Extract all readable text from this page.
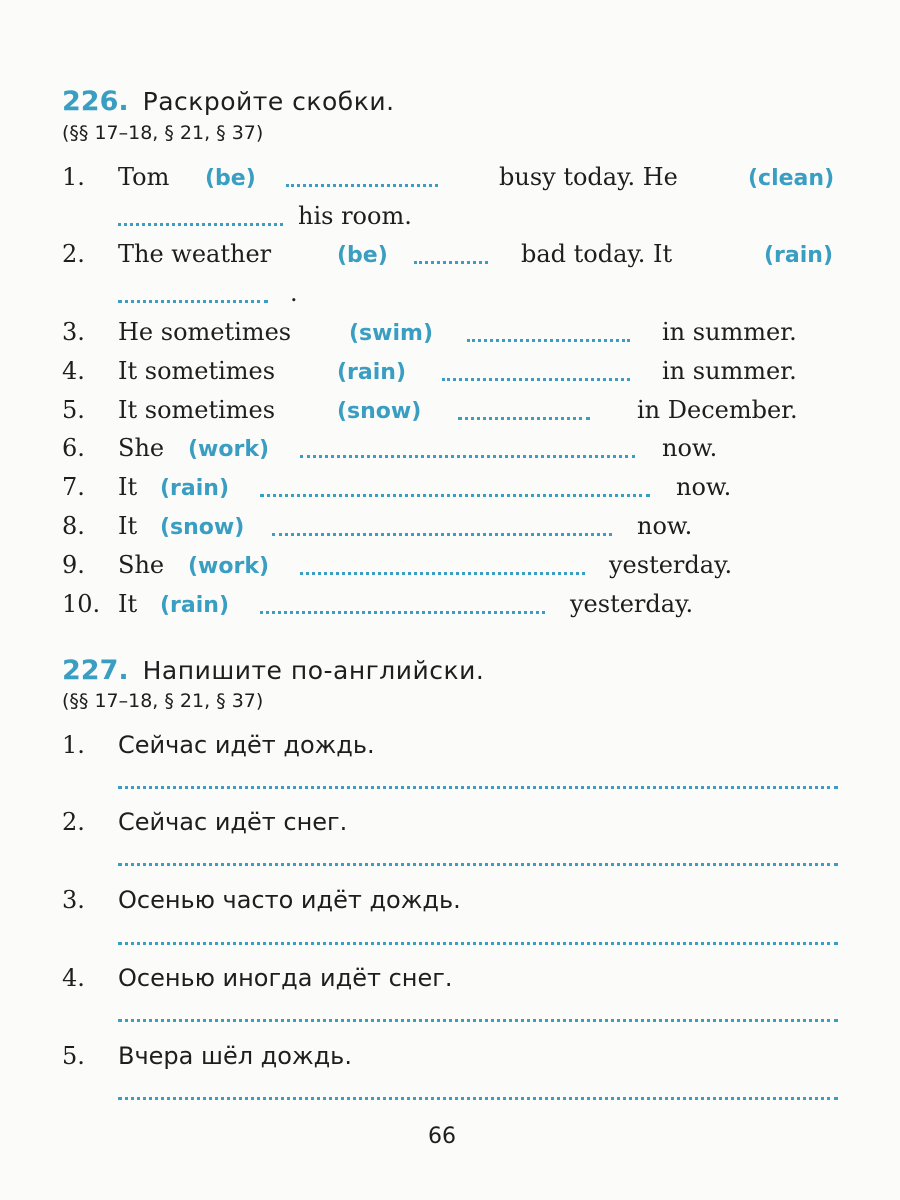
226. Раскройте скобки.
(§§ 17–18, § 21, § 37)
1. Tom (be)	busy today. He	(clean)
his room.
2. The weather	(be)	bad today. It	(rain)
.
3. He sometimes	(swim)	in summer.
4. It sometimes	(rain)	in summer.
5. It sometimes	(snow)	in December.
6. She (work)	now.
7. It (rain)	now.
8. It (snow)	now.
9. She (work)	yesterday.
10. It (rain)	yesterday.
227. Напишите по-английски.
(§§ 17–18, § 21, § 37)
1. Сейчас идёт дождь.
2. Сейчас идёт снег.
3. Осенью часто идёт дождь.
4. Осенью иногда идёт снег.
5. Вчера шёл дождь.
66
